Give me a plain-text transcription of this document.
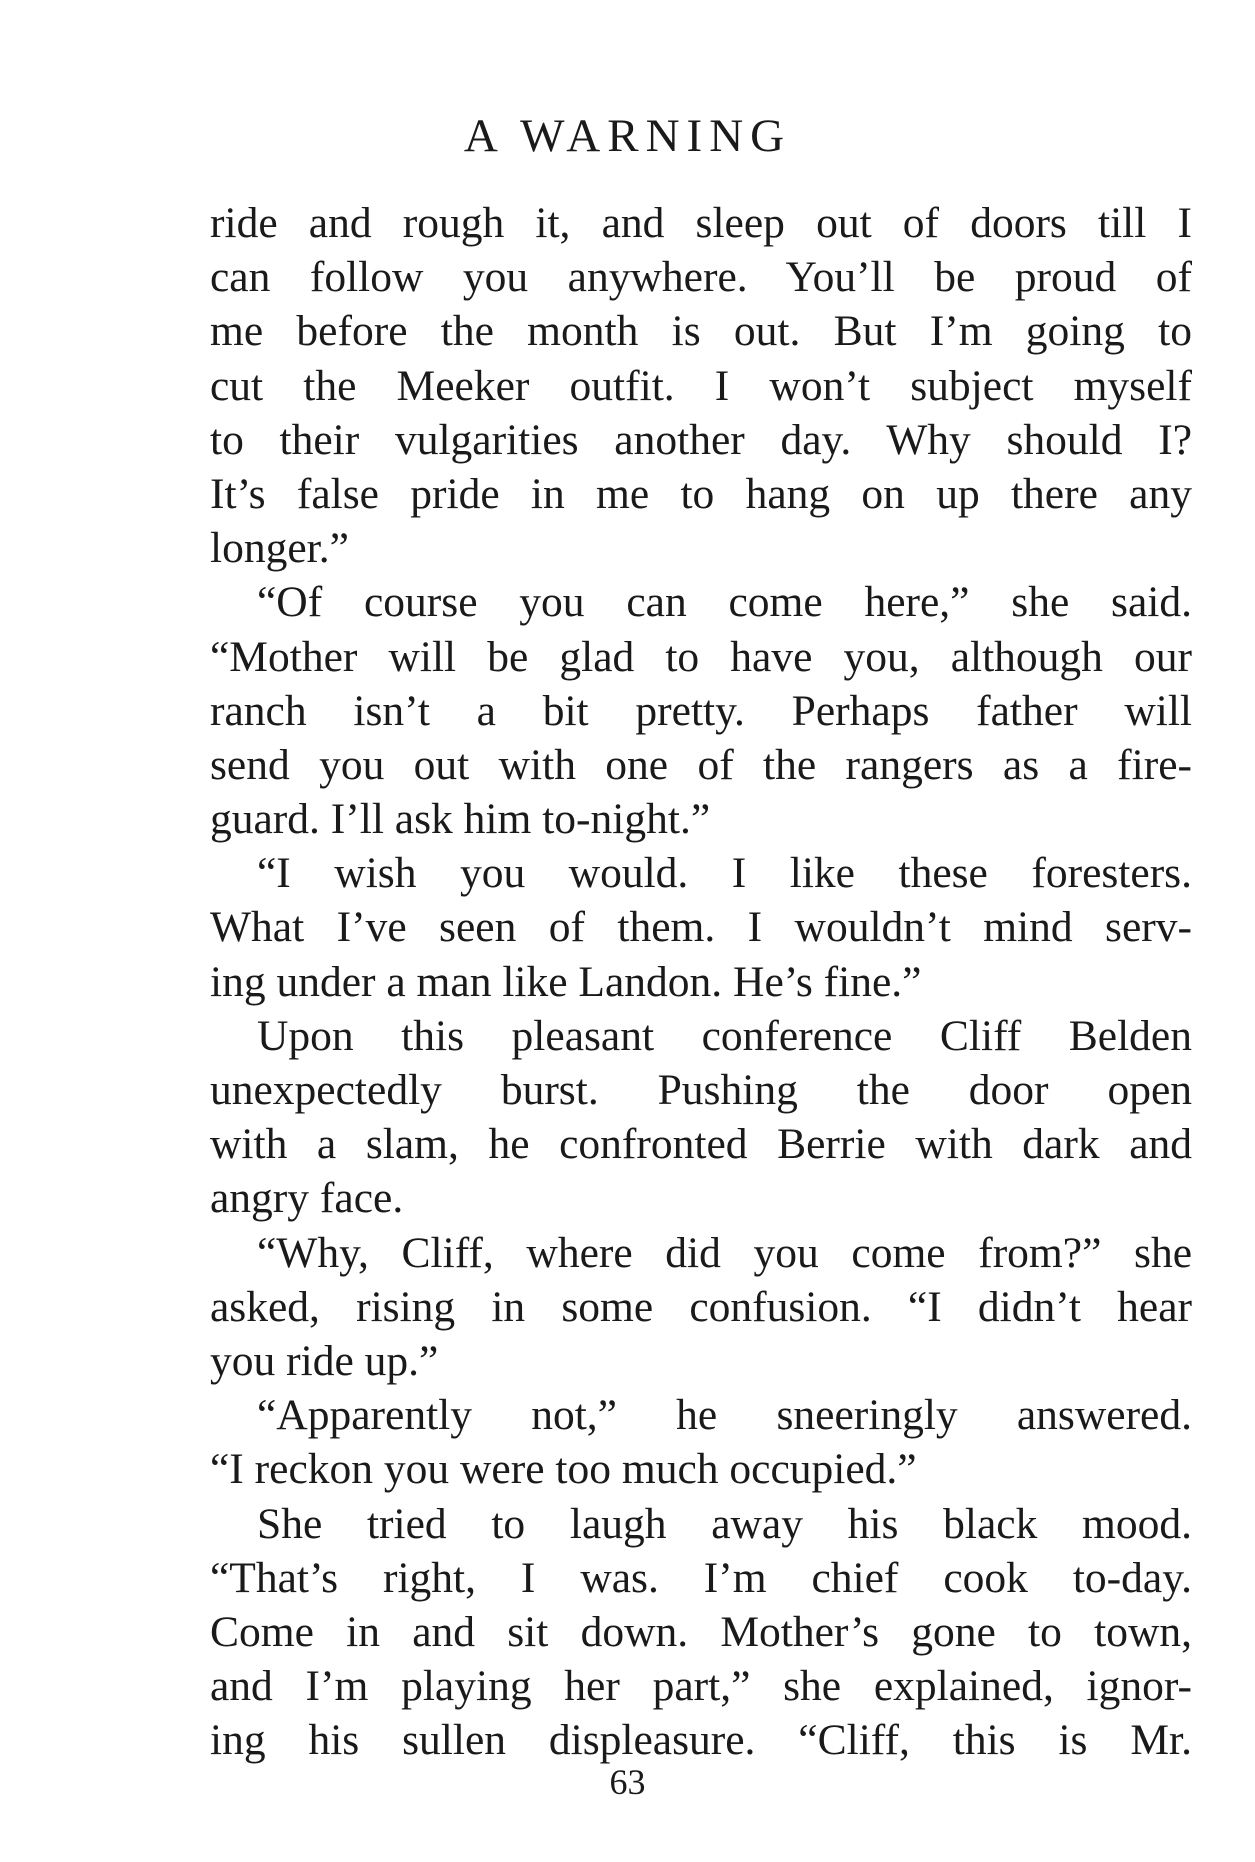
A WARNING
ride and rough it, and sleep out of doors till I
can follow you anywhere. You’ll be proud of
me before the month is out. But I’m going to
cut the Meeker outfit. I won’t subject myself
to their vulgarities another day. Why should I?
It’s false pride in me to hang on up there any
longer.”
“Of course you can come here,” she said.
“Mother will be glad to have you, although our
ranch isn’t a bit pretty. Perhaps father will
send you out with one of the rangers as a fire-
guard. I’ll ask him to-night.”
“I wish you would. I like these foresters.
What I’ve seen of them. I wouldn’t mind serv-
ing under a man like Landon. He’s fine.”
Upon this pleasant conference Cliff Belden
unexpectedly burst. Pushing the door open
with a slam, he confronted Berrie with dark and
angry face.
“Why, Cliff, where did you come from?” she
asked, rising in some confusion. “I didn’t hear
you ride up.”
“Apparently not,” he sneeringly answered.
“I reckon you were too much occupied.”
She tried to laugh away his black mood.
“That’s right, I was. I’m chief cook to-day.
Come in and sit down. Mother’s gone to town,
and I’m playing her part,” she explained, ignor-
ing his sullen displeasure. “Cliff, this is Mr.
63
